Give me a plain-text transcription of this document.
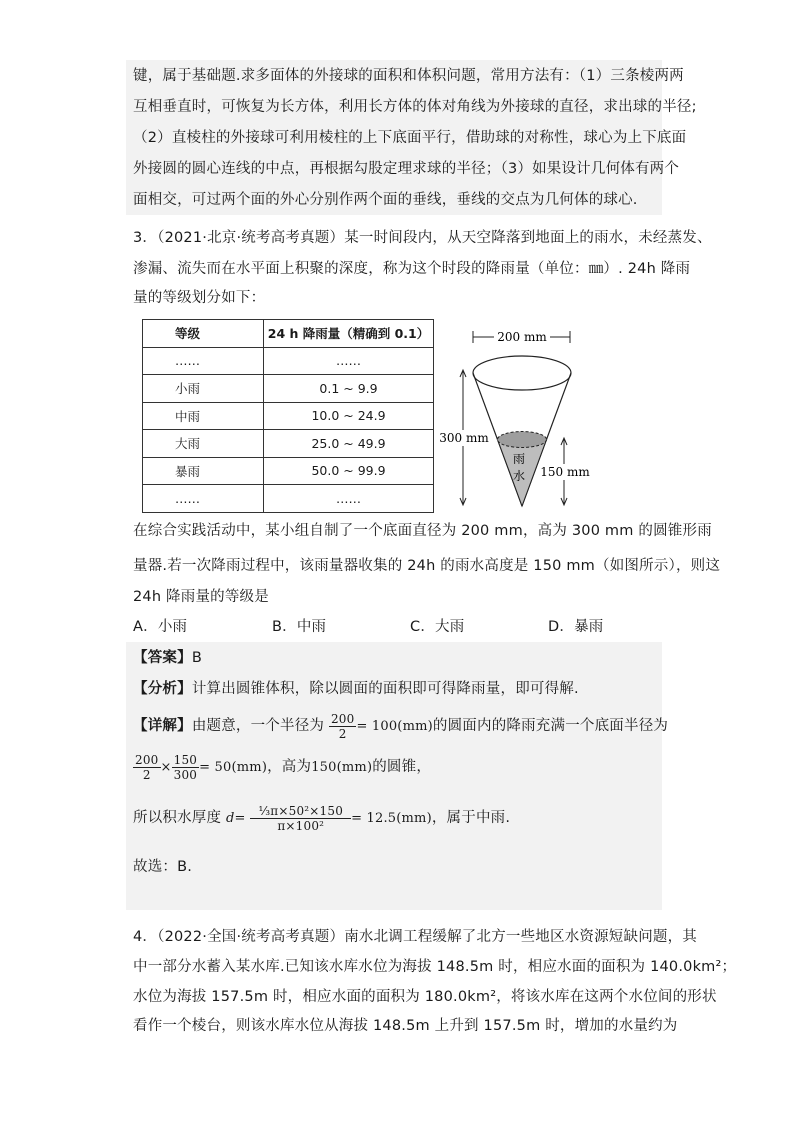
键，属于基础题.求多面体的外接球的面积和体积问题，常用方法有：（1）三条棱两两
互相垂直时，可恢复为长方体，利用长方体的体对角线为外接球的直径，求出球的半径;
（2）直棱柱的外接球可利用棱柱的上下底面平行，借助球的对称性，球心为上下底面
外接圆的圆心连线的中点，再根据勾股定理求球的半径；（3）如果设计几何体有两个
面相交，可过两个面的外心分别作两个面的垂线，垂线的交点为几何体的球心.
3．（2021·北京·统考高考真题）某一时间段内，从天空降落到地面上的雨水，未经蒸发、
渗漏、流失而在水平面上积聚的深度，称为这个时段的降雨量（单位：㎜）. 24h 降雨
量的等级划分如下：
等级	24 h 降雨量（精确到 0.1）
……	……
小雨	0.1 ~ 9.9
中雨	10.0 ~ 24.9
大雨	25.0 ~ 49.9
暴雨	50.0 ~ 99.9
……	……
200 mm
雨
水
300 mm
150 mm
在综合实践活动中，某小组自制了一个底面直径为 200 mm，高为 300 mm 的圆锥形雨
量器.若一次降雨过程中，该雨量器收集的 24h 的雨水高度是 150 mm（如图所示），则这
24h 降雨量的等级是
A．小雨	B．中雨	C．大雨	D．暴雨
【答案】B
【分析】计算出圆锥体积，除以圆面的面积即可得降雨量，即可得解.
【详解】由题意，一个半径为 $\frac{200}{2} = 100(mm)$的圆面内的降雨充满一个底面半径为
$\frac{200}{2} \times \frac{150}{300} = 50(mm)$，高为150(mm)的圆锥，
所以积水厚度 $d= \frac{\text{⅓π×50²×150}}{\text{π×100²}} = 12.5(mm)$，属于中雨.
故选：B.
4．（2022·全国·统考高考真题）南水北调工程缓解了北方一些地区水资源短缺问题，其
中一部分水蓄入某水库.已知该水库水位为海拔 148.5m 时，相应水面的面积为 140.0km²；
水位为海拔 157.5m 时，相应水面的面积为 180.0km²，将该水库在这两个水位间的形状
看作一个棱台，则该水库水位从海拔 148.5m 上升到 157.5m 时，增加的水量约为
